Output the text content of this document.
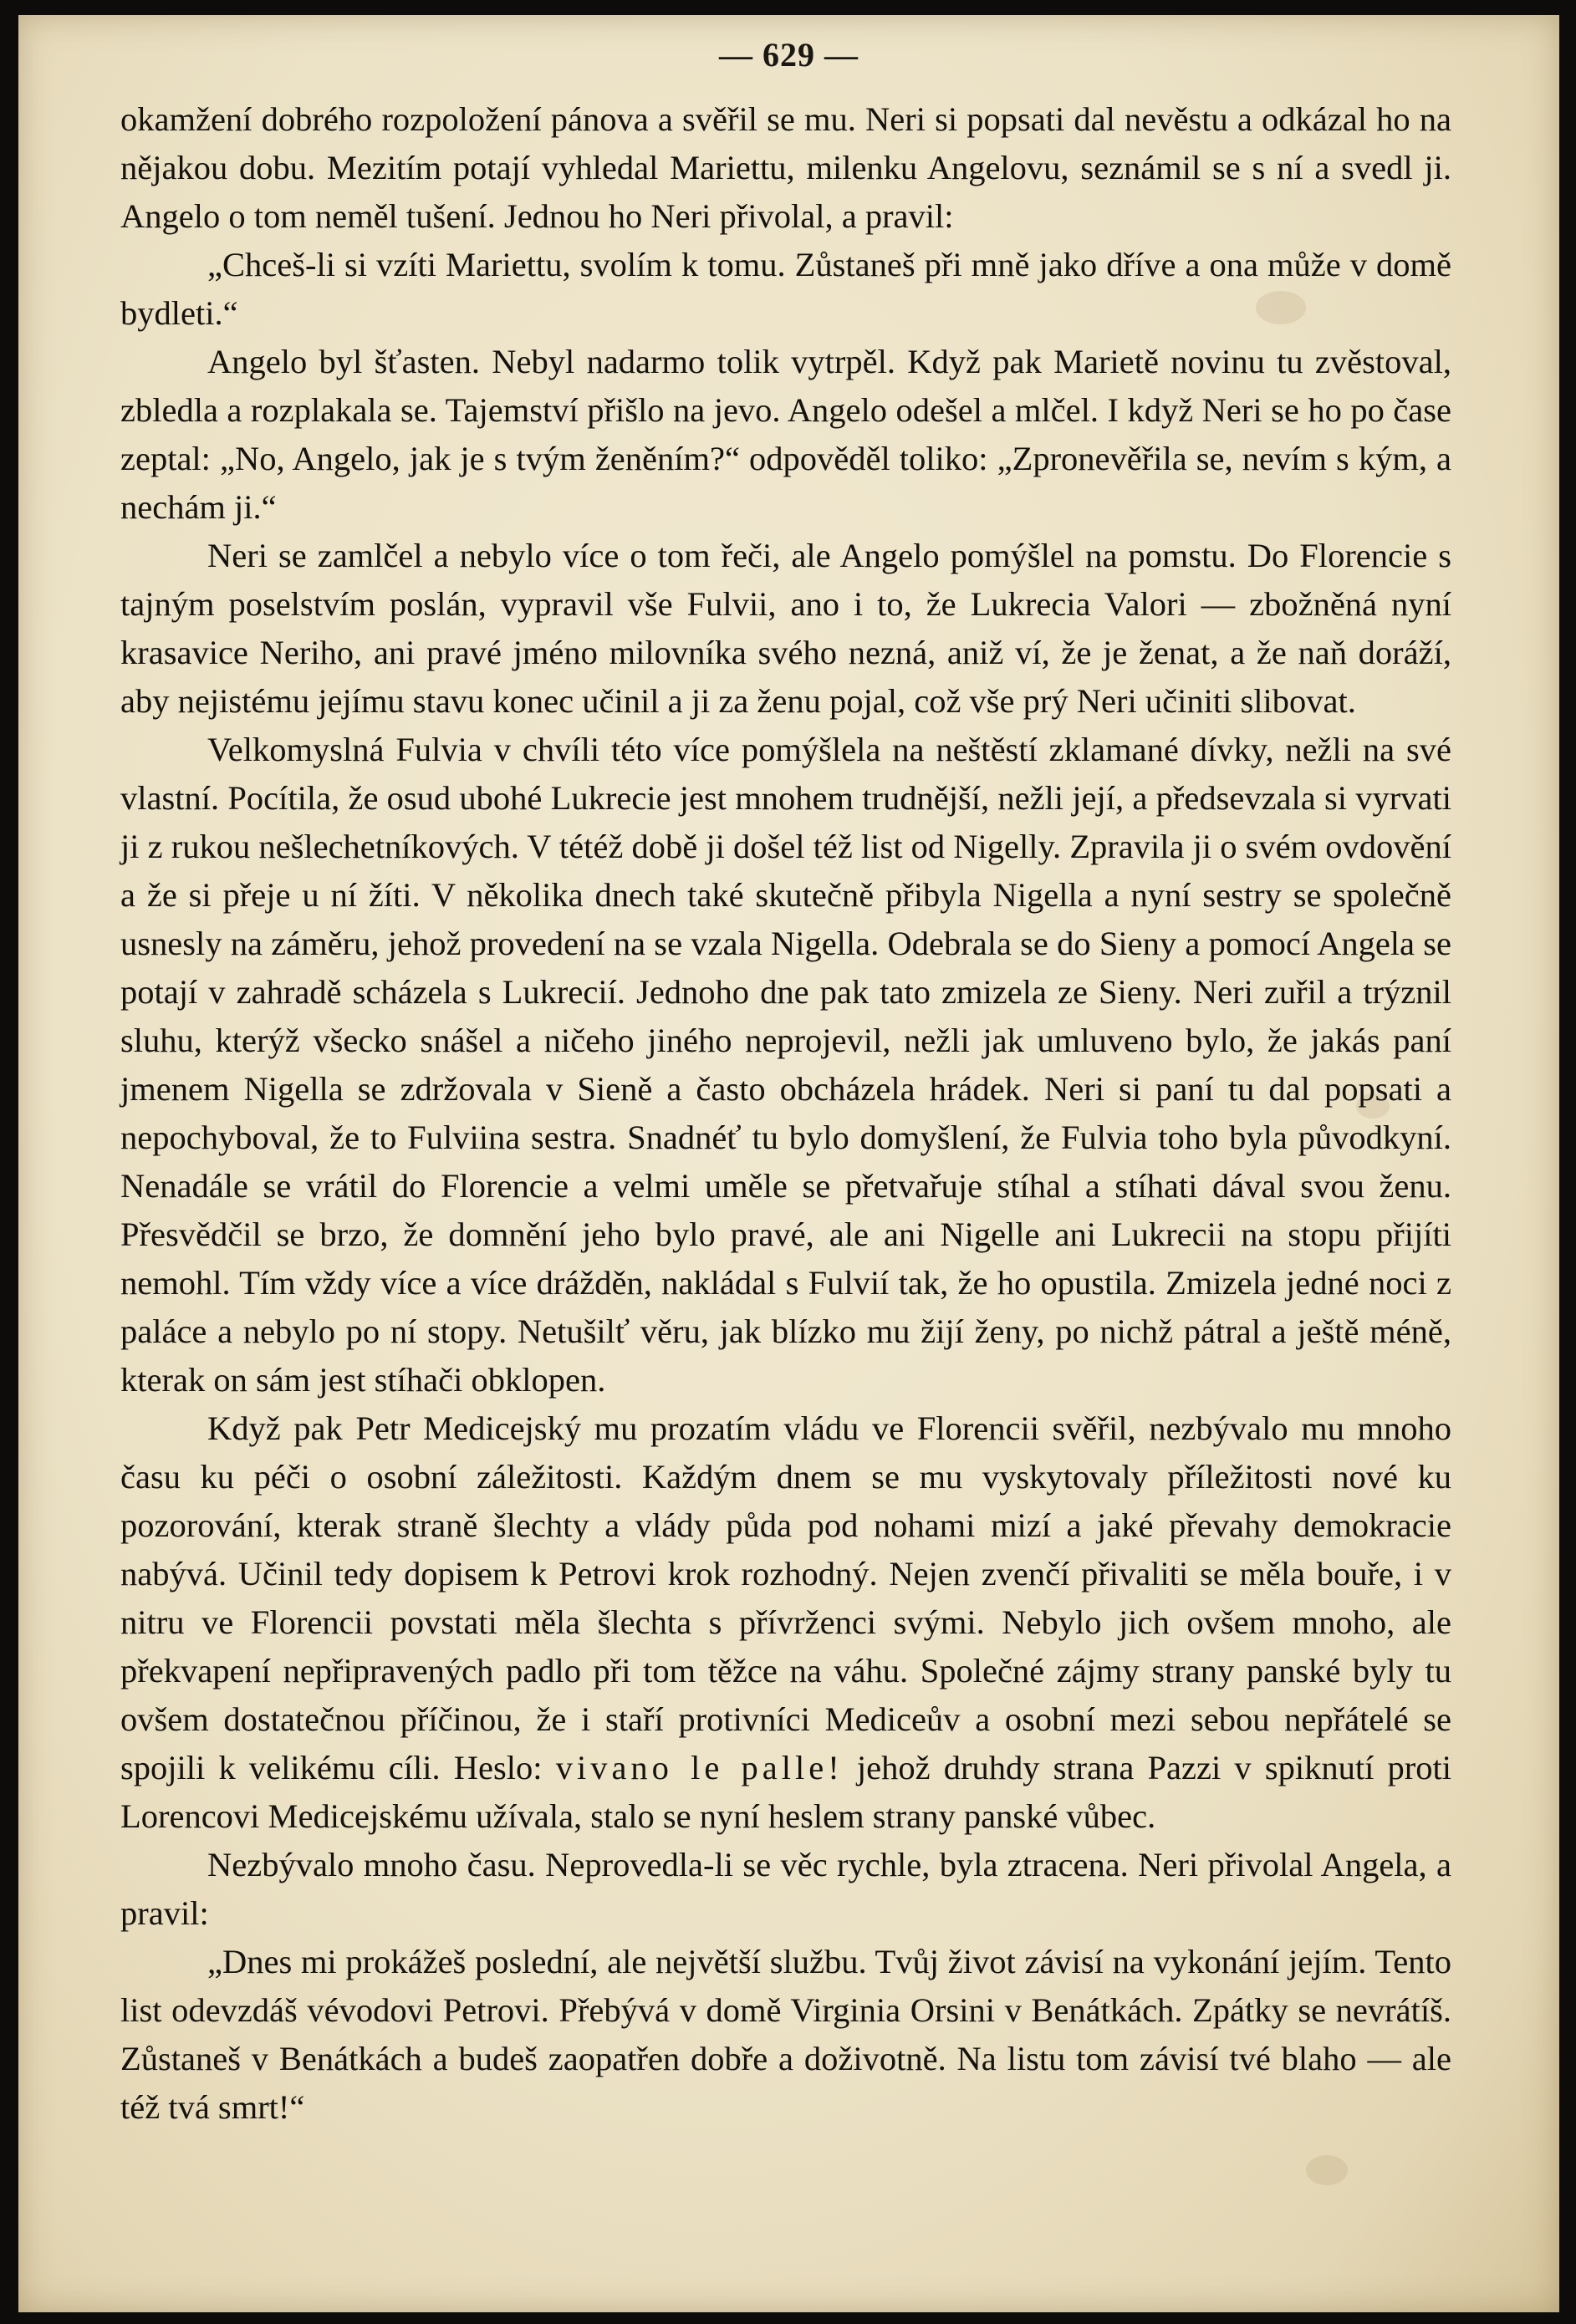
— 629 —

okamžení dobrého rozpoložení pánova a svěřil se mu. Neri si popsati dal nevěstu a odkázal ho na nějakou dobu. Mezitím potají vyhledal Mariettu, milenku Angelovu, seznámil se s ní a svedl ji. Angelo o tom neměl tušení. Jednou ho Neri přivolal, a pravil:

„Chceš-li si vzíti Mariettu, svolím k tomu. Zůstaneš při mně jako dříve a ona může v domě bydleti.“

Angelo byl šťasten. Nebyl nadarmo tolik vytrpěl. Když pak Marietě novinu tu zvěstoval, zbledla a rozplakala se. Tajemství přišlo na jevo. Angelo odešel a mlčel. I když Neri se ho po čase zeptal: „No, Angelo, jak je s tvým ženěním?“ odpověděl toliko: „Zpronevěřila se, nevím s kým, a nechám ji.“

Neri se zamlčel a nebylo více o tom řeči, ale Angelo pomýšlel na pomstu. Do Florencie s tajným poselstvím poslán, vypravil vše Fulvii, ano i to, že Lukrecia Valori — zbožněná nyní krasavice Neriho, ani pravé jméno milovníka svého nezná, aniž ví, že je ženat, a že naň doráží, aby nejistému jejímu stavu konec učinil a ji za ženu pojal, což vše prý Neri učiniti slibovat.

Velkomyslná Fulvia v chvíli této více pomýšlela na neštěstí zklamané dívky, nežli na své vlastní. Pocítila, že osud ubohé Lukrecie jest mnohem trudnější, nežli její, a předsevzala si vyrvati ji z rukou nešlechetníkových. V tétéž době ji došel též list od Nigelly. Zpravila ji o svém ovdovění a že si přeje u ní žíti. V několika dnech také skutečně přibyla Nigella a nyní sestry se společně usnesly na záměru, jehož provedení na se vzala Nigella. Odebrala se do Sieny a pomocí Angela se potají v zahradě scházela s Lukrecií. Jednoho dne pak tato zmizela ze Sieny. Neri zuřil a trýznil sluhu, kterýž všecko snášel a ničeho jiného neprojevil, nežli jak umluveno bylo, že jakás paní jmenem Nigella se zdržovala v Sieně a často obcházela hrádek. Neri si paní tu dal popsati a nepochyboval, že to Fulviina sestra. Snadnéť tu bylo domyšlení, že Fulvia toho byla původkyní. Nenadále se vrátil do Florencie a velmi uměle se přetvařuje stíhal a stíhati dával svou ženu. Přesvědčil se brzo, že domnění jeho bylo pravé, ale ani Nigelle ani Lukrecii na stopu přijíti nemohl. Tím vždy více a více drážděn, nakládal s Fulvií tak, že ho opustila. Zmizela jedné noci z paláce a nebylo po ní stopy. Netušilť věru, jak blízko mu žijí ženy, po nichž pátral a ještě méně, kterak on sám jest stíhači obklopen.

Když pak Petr Medicejský mu prozatím vládu ve Florencii svěřil, nezbývalo mu mnoho času ku péči o osobní záležitosti. Každým dnem se mu vyskytovaly příležitosti nové ku pozorování, kterak straně šlechty a vlády půda pod nohami mizí a jaké převahy demokracie nabývá. Učinil tedy dopisem k Petrovi krok rozhodný. Nejen zvenčí přivaliti se měla bouře, i v nitru ve Florencii povstati měla šlechta s přívrženci svými. Nebylo jich ovšem mnoho, ale překvapení nepřipravených padlo při tom těžce na váhu. Společné zájmy strany panské byly tu ovšem dostatečnou příčinou, že i staří protivníci Mediceův a osobní mezi sebou nepřátelé se spojili k velikému cíli. Heslo: vivano le palle! jehož druhdy strana Pazzi v spiknutí proti Lorencovi Medicejskému užívala, stalo se nyní heslem strany panské vůbec.

Nezbývalo mnoho času. Neprovedla-li se věc rychle, byla ztracena. Neri přivolal Angela, a pravil:

„Dnes mi prokážeš poslední, ale největší službu. Tvůj život závisí na vykonání jejím. Tento list odevzdáš vévodovi Petrovi. Přebývá v domě Virginia Orsini v Benátkách. Zpátky se nevrátíš. Zůstaneš v Benátkách a budeš zaopatřen dobře a doživotně. Na listu tom závisí tvé blaho — ale též tvá smrt!“
